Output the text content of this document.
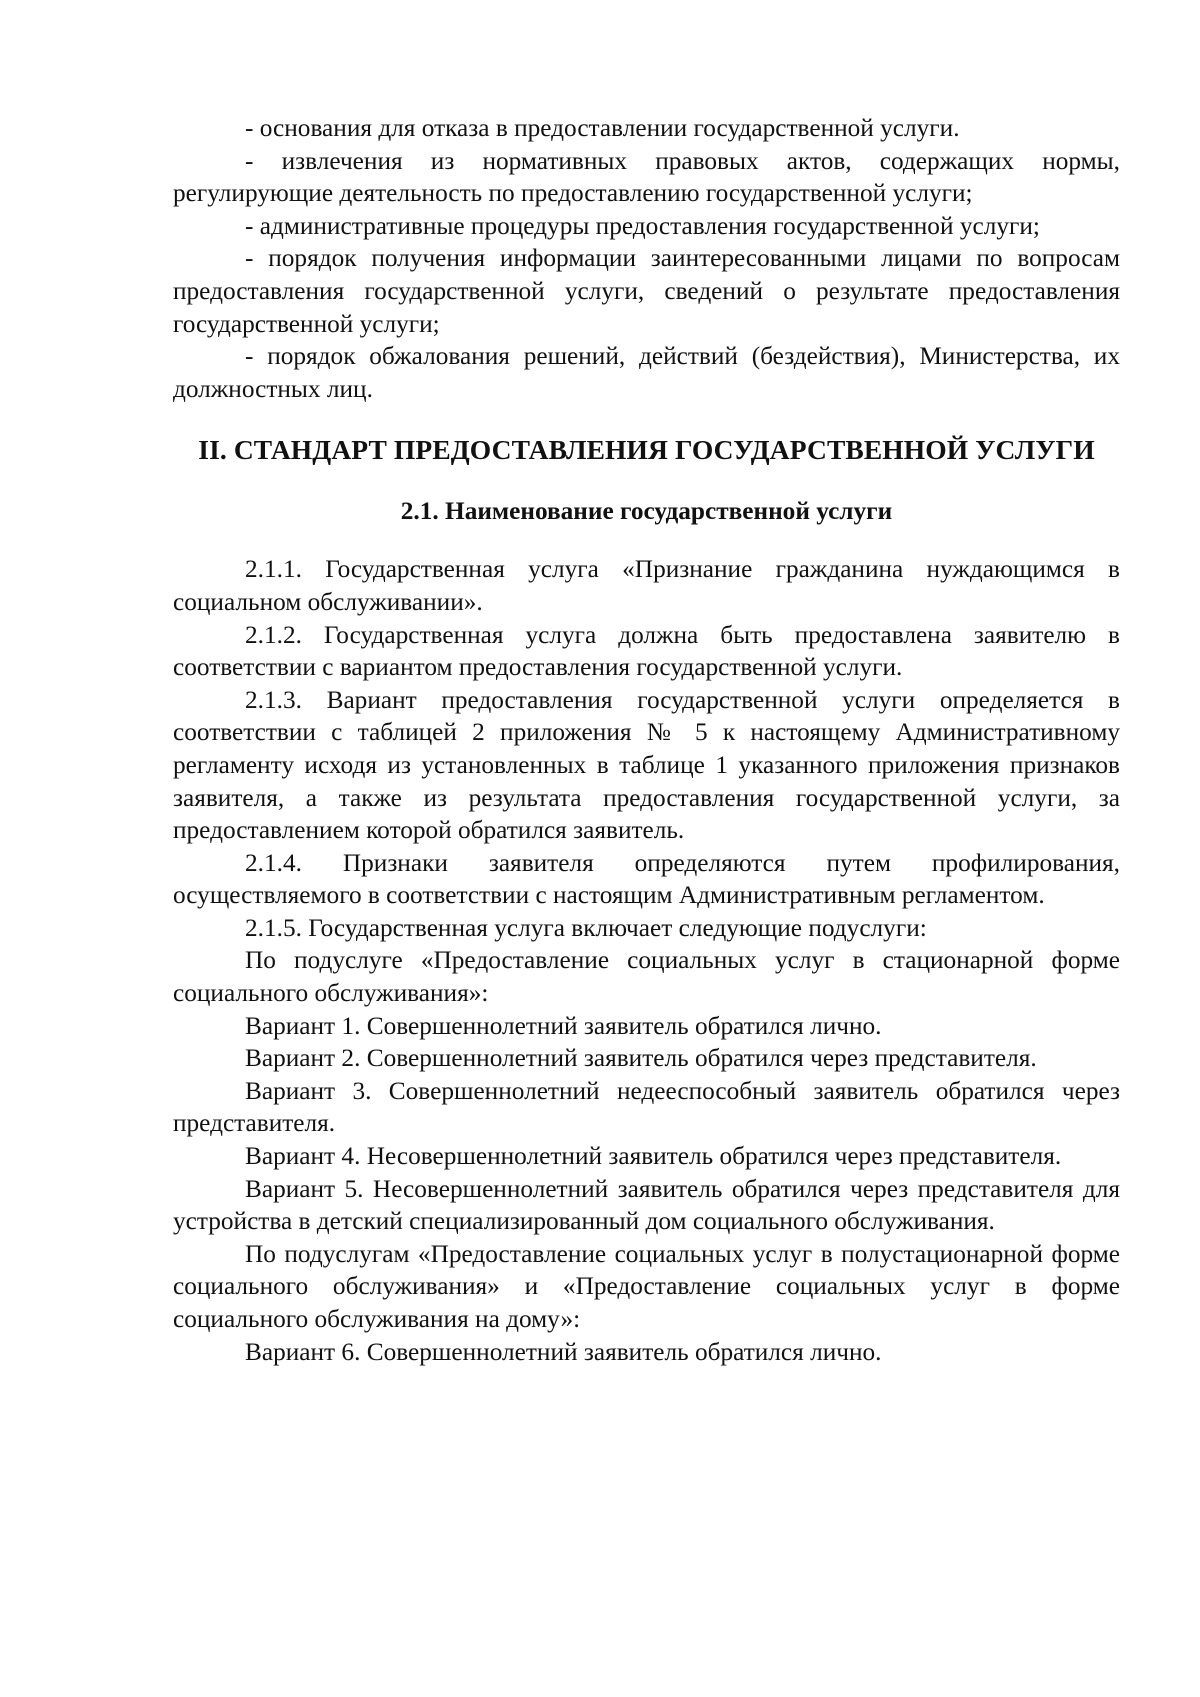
- основания для отказа в предоставлении государственной услуги.

- извлечения из нормативных правовых актов, содержащих нормы, регулирующие деятельность по предоставлению государственной услуги;

- административные процедуры предоставления государственной услуги;

- порядок получения информации заинтересованными лицами по вопросам предоставления государственной услуги, сведений о результате предоставления государственной услуги;

- порядок обжалования решений, действий (бездействия), Министерства, их должностных лиц.

II. СТАНДАРТ ПРЕДОСТАВЛЕНИЯ ГОСУДАРСТВЕННОЙ УСЛУГИ
2.1. Наименование государственной услуги

2.1.1. Государственная услуга «Признание гражданина нуждающимся в социальном обслуживании».

2.1.2. Государственная услуга должна быть предоставлена заявителю в соответствии с вариантом предоставления государственной услуги.

2.1.3. Вариант предоставления государственной услуги определяется в соответствии с таблицей 2 приложения № 5 к настоящему Административному регламенту исходя из установленных в таблице 1 указанного приложения признаков заявителя, а также из результата предоставления государственной услуги, за предоставлением которой обратился заявитель.

2.1.4. Признаки заявителя определяются путем профилирования, осуществляемого в соответствии с настоящим Административным регламентом.

2.1.5. Государственная услуга включает следующие подуслуги:

По подуслуге «Предоставление социальных услуг в стационарной форме социального обслуживания»:

Вариант 1. Совершеннолетний заявитель обратился лично.

Вариант 2. Совершеннолетний заявитель обратился через представителя.

Вариант 3. Совершеннолетний недееспособный заявитель обратился через представителя.

Вариант 4. Несовершеннолетний заявитель обратился через представителя.

Вариант 5. Несовершеннолетний заявитель обратился через представителя для устройства в детский специализированный дом социального обслуживания.

По подуслугам «Предоставление социальных услуг в полустационарной форме социального обслуживания» и «Предоставление социальных услуг в форме социального обслуживания на дому»:

Вариант 6. Совершеннолетний заявитель обратился лично.
